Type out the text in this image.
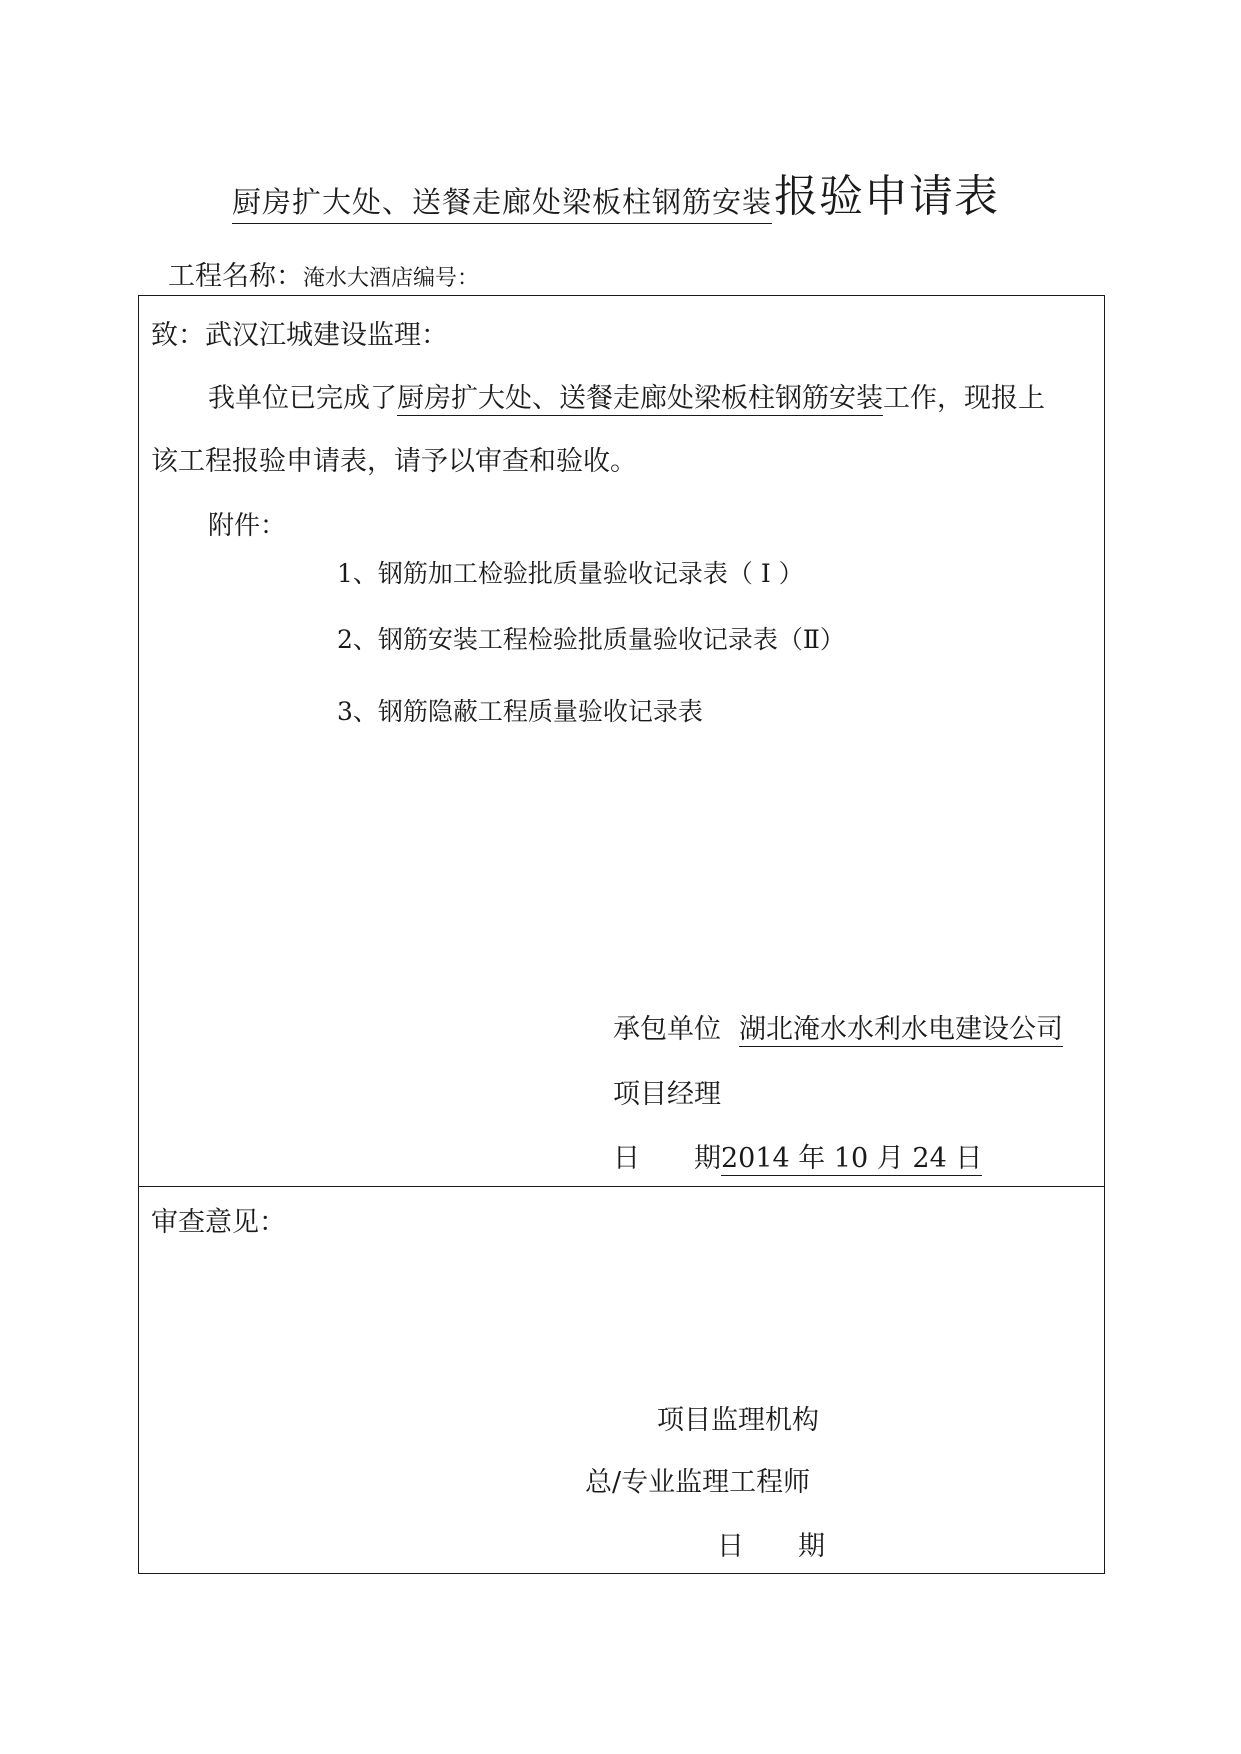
厨房扩大处、送餐走廊处梁板柱钢筋安装报验申请表
工程名称：淹水大酒店编号：
致：武汉江城建设监理：
我单位已完成了厨房扩大处、送餐走廊处梁板柱钢筋安装工作，现报上
该工程报验申请表，请予以审查和验收。
附件：
1、钢筋加工检验批质量验收记录表（ Ⅰ ）
2、钢筋安装工程检验批质量验收记录表（Ⅱ）
3、钢筋隐蔽工程质量验收记录表
承包单位 湖北淹水水利水电建设公司
项目经理
日　　期2014 年 10 月 24 日
审查意见：
项目监理机构
总/专业监理工程师
日　　期
